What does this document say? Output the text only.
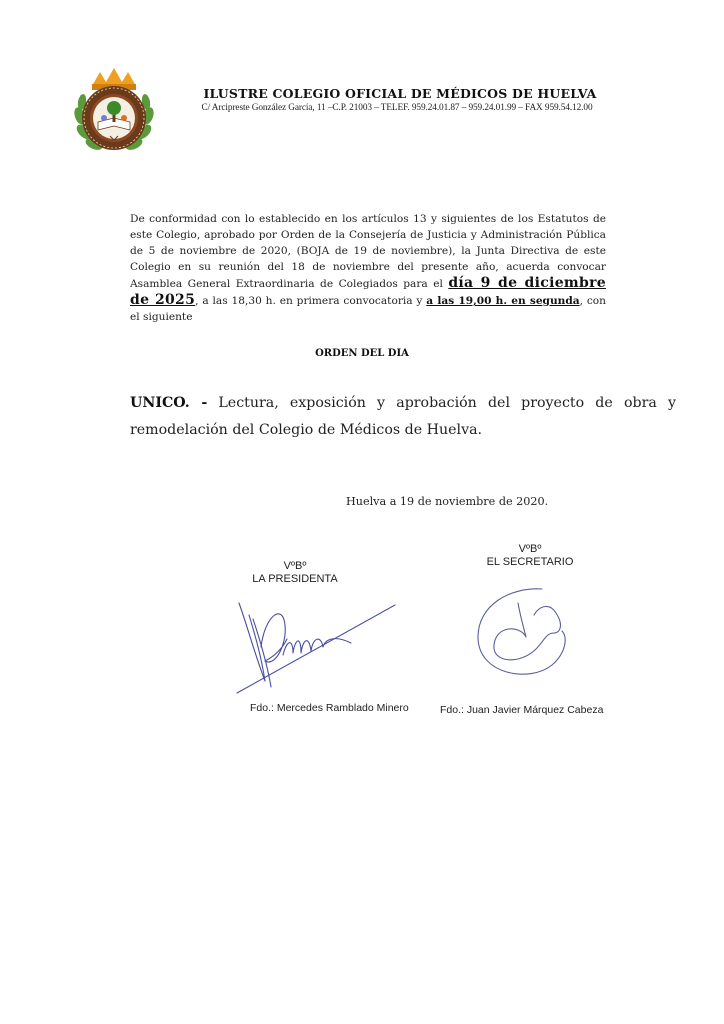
ILUSTRE COLEGIO OFICIAL DE MÉDICOS DE HUELVA
C/ Arcipreste González García, 11 –C.P. 21003 – TELEF. 959.24.01.87 – 959.24.01.99 – FAX 959.54.12.00
De conformidad con lo establecido en los artículos 13 y siguientes de los Estatutos de este Colegio, aprobado por Orden de la Consejería de Justicia y Administración Pública de 5 de noviembre de 2020, (BOJA de 19 de noviembre), la Junta Directiva de este Colegio en su reunión del 18 de noviembre del presente año, acuerda convocar Asamblea General Extraordinaria de Colegiados para el día 9 de diciembre de 2025, a las 18,30 h. en primera convocatoria y a las 19,00 h. en segunda, con el siguiente
ORDEN DEL DIA
UNICO. - Lectura, exposición y aprobación del proyecto de obra y remodelación del Colegio de Médicos de Huelva.
Huelva a 19 de noviembre de 2020.
VºBº
LA PRESIDENTA
Fdo.: Mercedes Ramblado Minero
VºBº
EL SECRETARIO
Fdo.: Juan Javier Márquez Cabeza
